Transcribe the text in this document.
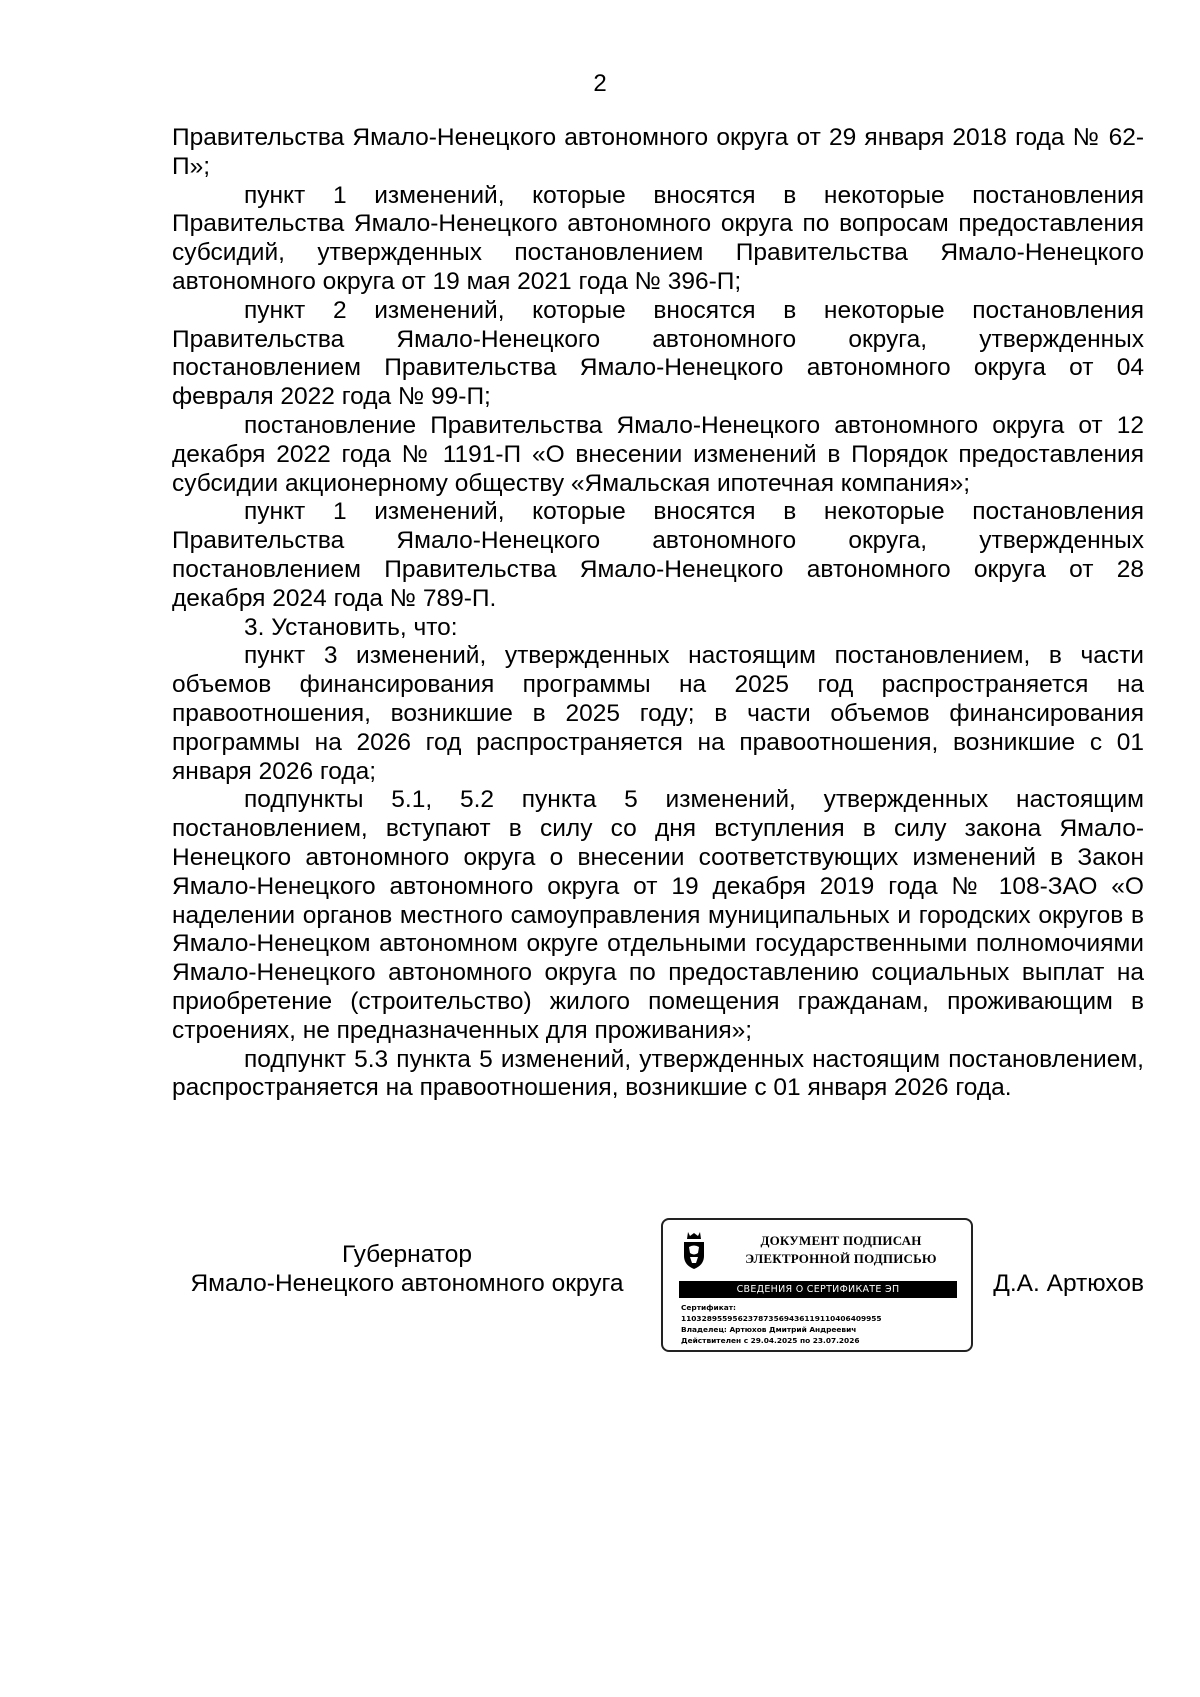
2

Правительства Ямало-Ненецкого автономного округа от 29 января 2018 года № 62-П»;

пункт 1 изменений, которые вносятся в некоторые постановления Правительства Ямало-Ненецкого автономного округа по вопросам предоставления субсидий, утвержденных постановлением Правительства Ямало-Ненецкого автономного округа от 19 мая 2021 года № 396-П;

пункт 2 изменений, которые вносятся в некоторые постановления Правительства Ямало-Ненецкого автономного округа, утвержденных постановлением Правительства Ямало-Ненецкого автономного округа от 04 февраля 2022 года № 99-П;

постановление Правительства Ямало-Ненецкого автономного округа от 12 декабря 2022 года № 1191-П «О внесении изменений в Порядок предоставления субсидии акционерному обществу «Ямальская ипотечная компания»;

пункт 1 изменений, которые вносятся в некоторые постановления Правительства Ямало-Ненецкого автономного округа, утвержденных постановлением Правительства Ямало-Ненецкого автономного округа от 28 декабря 2024 года № 789-П.

3. Установить, что:

пункт 3 изменений, утвержденных настоящим постановлением, в части объемов финансирования программы на 2025 год распространяется на правоотношения, возникшие в 2025 году; в части объемов финансирования программы на 2026 год распространяется на правоотношения, возникшие с 01 января 2026 года;

подпункты 5.1, 5.2 пункта 5 изменений, утвержденных настоящим постановлением, вступают в силу со дня вступления в силу закона Ямало-Ненецкого автономного округа о внесении соответствующих изменений в Закон Ямало-Ненецкого автономного округа от 19 декабря 2019 года № 108-ЗАО «О наделении органов местного самоуправления муниципальных и городских округов в Ямало-Ненецком автономном округе отдельными государственными полномочиями Ямало-Ненецкого автономного округа по предоставлению социальных выплат на приобретение (строительство) жилого помещения гражданам, проживающим в строениях, не предназначенных для проживания»;

подпункт 5.3 пункта 5 изменений, утвержденных настоящим постановлением, распространяется на правоотношения, возникшие с 01 января 2026 года.

Губернатор
Ямало-Ненецкого автономного округа
ДОКУМЕНТ ПОДПИСАН
ЭЛЕКТРОННОЙ ПОДПИСЬЮ
СВЕДЕНИЯ О СЕРТИФИКАТЕ ЭП
Сертификат:
110328955956237873569436119110406409955
Владелец: Артюхов Дмитрий Андреевич
Действителен с 29.04.2025 по 23.07.2026
Д.А. Артюхов
